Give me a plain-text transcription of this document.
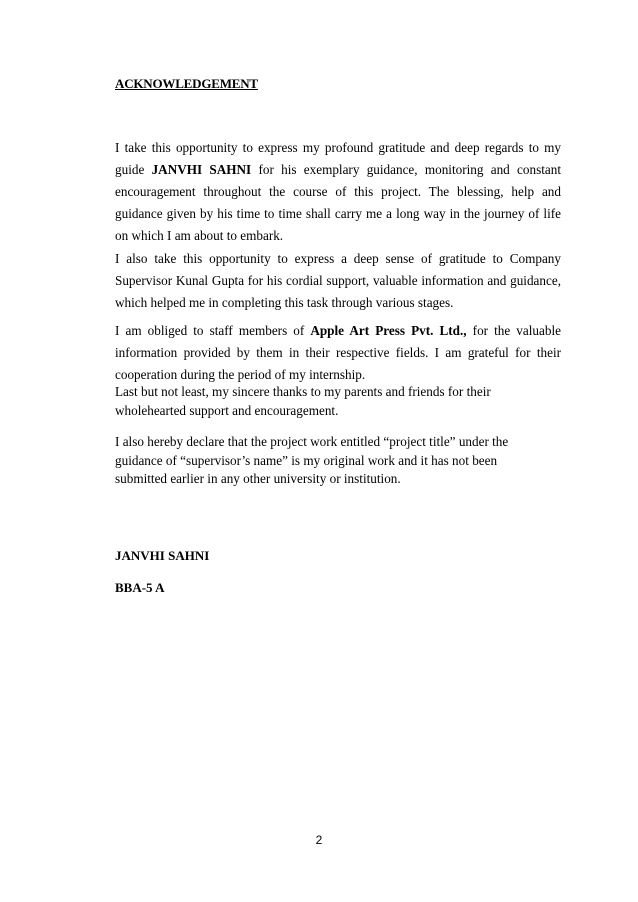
ACKNOWLEDGEMENT

I take this opportunity to express my profound gratitude and deep regards to my guide JANVHI SAHNI for his exemplary guidance, monitoring and constant encouragement throughout the course of this project. The blessing, help and guidance given by his time to time shall carry me a long way in the journey of life on which I am about to embark.

I also take this opportunity to express a deep sense of gratitude to Company Supervisor Kunal Gupta for his cordial support, valuable information and guidance, which helped me in completing this task through various stages.

I am obliged to staff members of Apple Art Press Pvt. Ltd., for the valuable information provided by them in their respective fields. I am grateful for their cooperation during the period of my internship.

Last but not least, my sincere thanks to my parents and friends for their wholehearted support and encouragement.

I also hereby declare that the project work entitled “project title” under the guidance of “supervisor’s name” is my original work and it has not been submitted earlier in any other university or institution.

JANVHI SAHNI
BBA-5 A
2
